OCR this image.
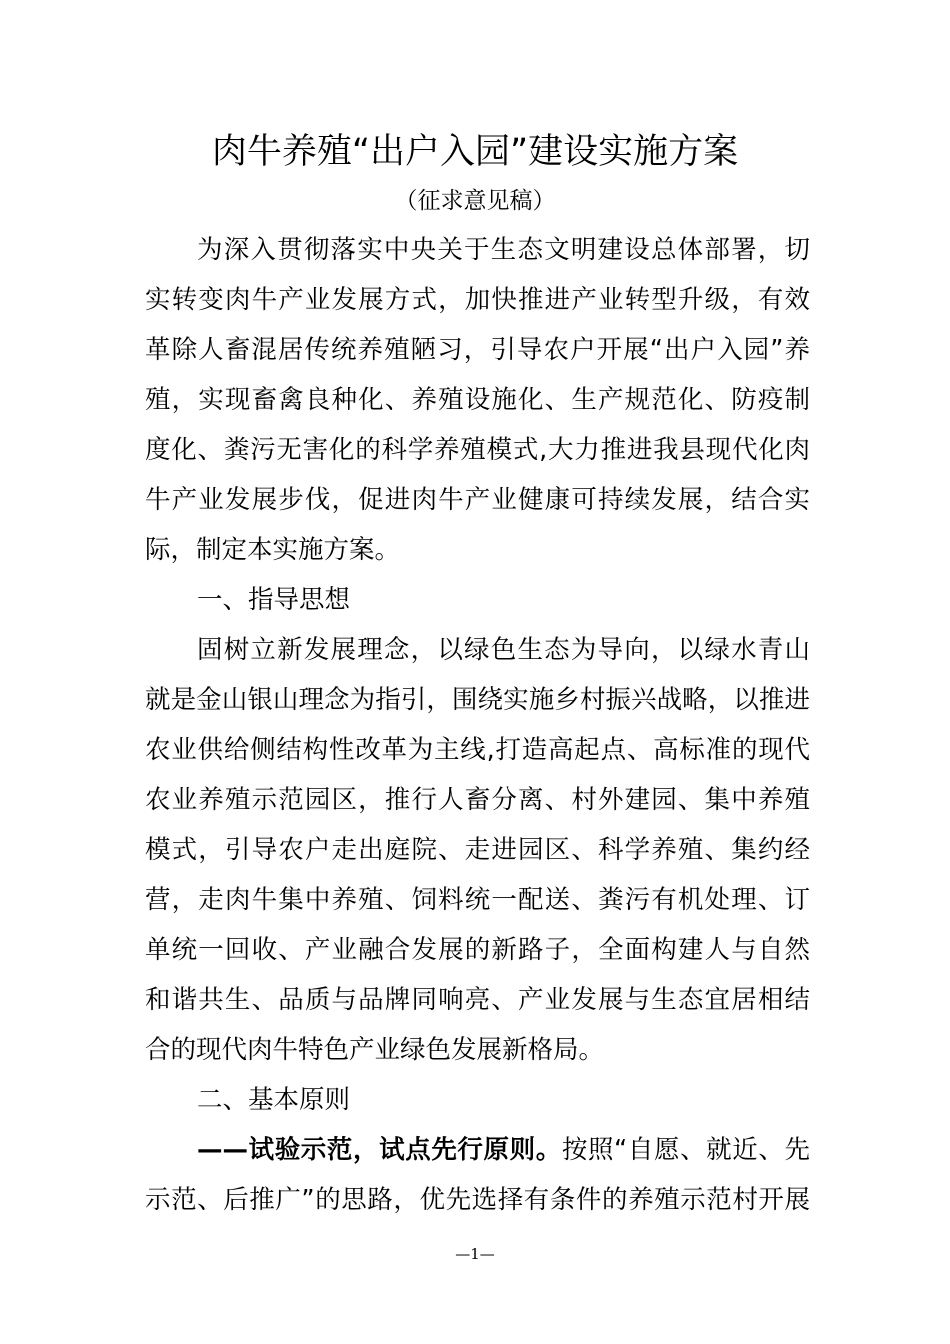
肉牛养殖“出户入园”建设实施方案
（征求意见稿）
为深入贯彻落实中央关于生态文明建设总体部署，切
实转变肉牛产业发展方式，加快推进产业转型升级，有效
革除人畜混居传统养殖陋习，引导农户开展“出户入园”养
殖，实现畜禽良种化、养殖设施化、生产规范化、防疫制
度化、粪污无害化的科学养殖模式,大力推进我县现代化肉
牛产业发展步伐，促进肉牛产业健康可持续发展，结合实
际，制定本实施方案。
一、指导思想
固树立新发展理念，以绿色生态为导向，以绿水青山
就是金山银山理念为指引，围绕实施乡村振兴战略，以推进
农业供给侧结构性改革为主线,打造高起点、高标准的现代
农业养殖示范园区，推行人畜分离、村外建园、集中养殖
模式，引导农户走出庭院、走进园区、科学养殖、集约经
营，走肉牛集中养殖、饲料统一配送、粪污有机处理、订
单统一回收、产业融合发展的新路子，全面构建人与自然
和谐共生、品质与品牌同响亮、产业发展与生态宜居相结
合的现代肉牛特色产业绿色发展新格局。
二、基本原则
——试验示范，试点先行原则。按照“自愿、就近、先
示范、后推广”的思路，优先选择有条件的养殖示范村开展
—1—
